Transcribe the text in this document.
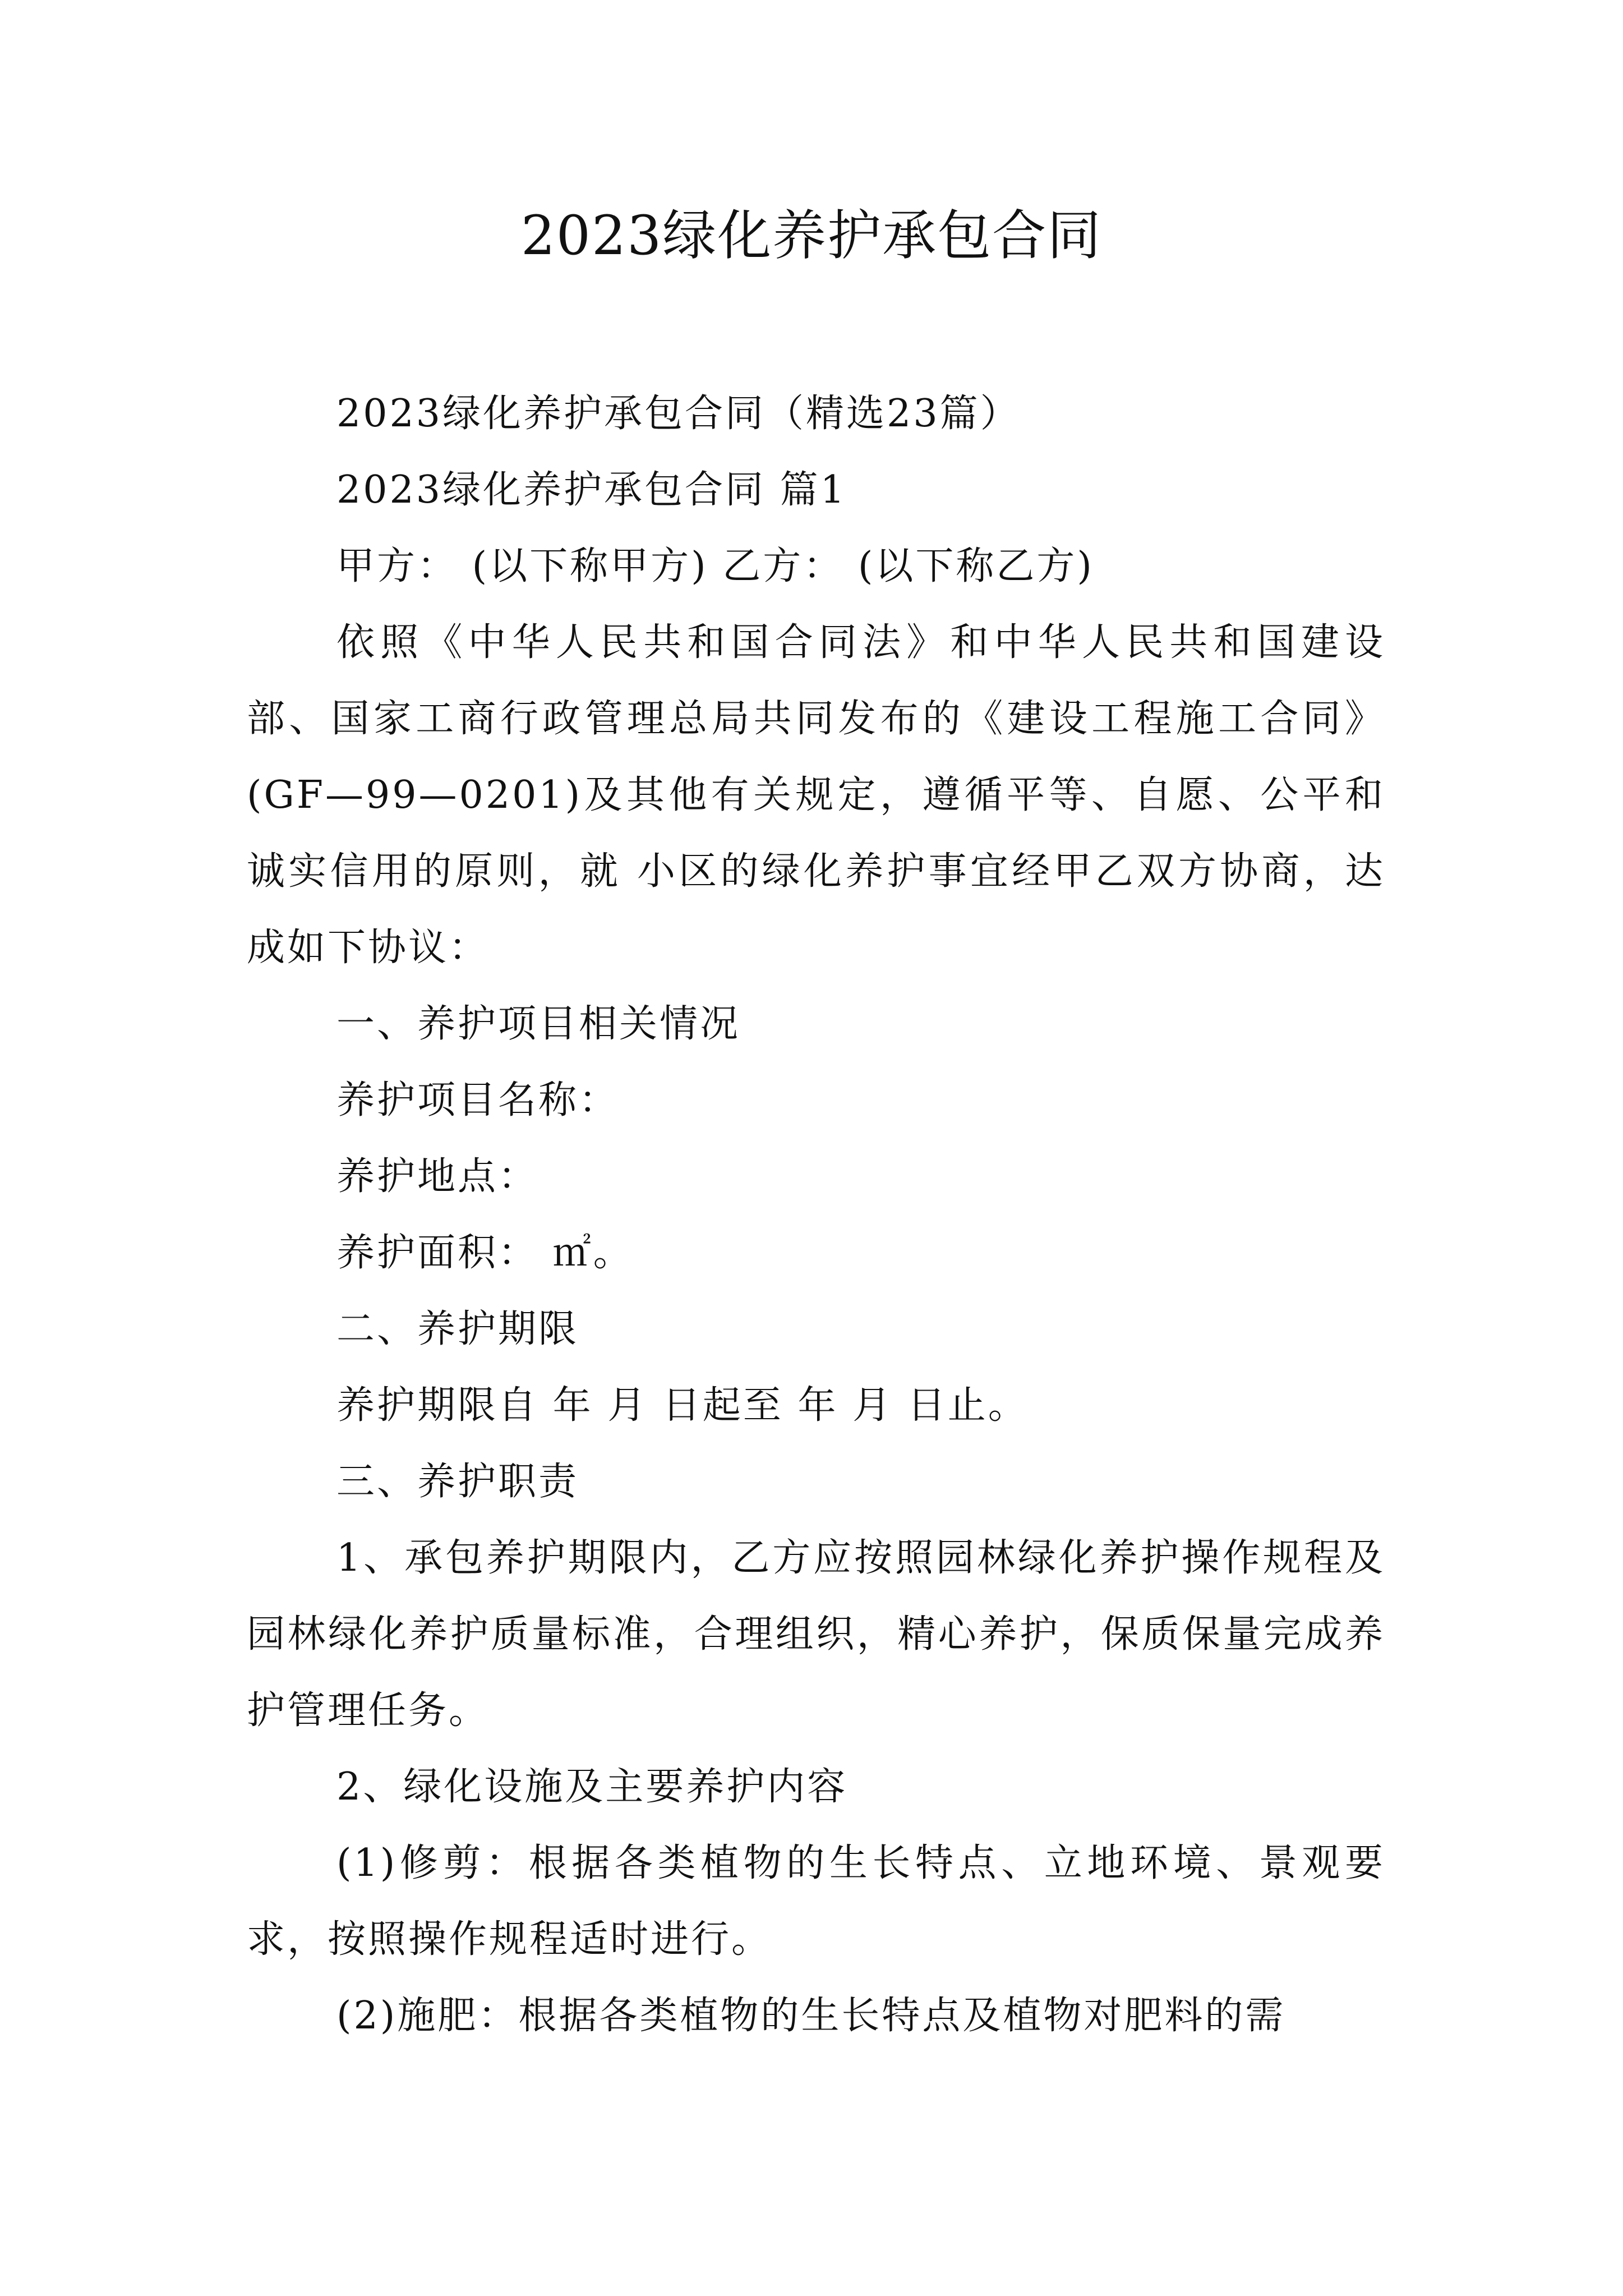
2023绿化养护承包合同

2023绿化养护承包合同（精选23篇）

2023绿化养护承包合同 篇1

甲方： (以下称甲方) 乙方： (以下称乙方)

依照《中华人民共和国合同法》和中华人民共和国建设部、国家工商行政管理总局共同发布的《建设工程施工合同》(GF—99—0201)及其他有关规定，遵循平等、自愿、公平和诚实信用的原则，就 小区的绿化养护事宜经甲乙双方协商，达成如下协议：

一、养护项目相关情况

养护项目名称：

养护地点：

养护面积： ㎡。

二、养护期限

养护期限自 年 月 日起至 年 月 日止。

三、养护职责

1、承包养护期限内，乙方应按照园林绿化养护操作规程及园林绿化养护质量标准，合理组织，精心养护，保质保量完成养护管理任务。

2、绿化设施及主要养护内容

(1)修剪：根据各类植物的生长特点、立地环境、景观要求，按照操作规程适时进行。

(2)施肥：根据各类植物的生长特点及植物对肥料的需
